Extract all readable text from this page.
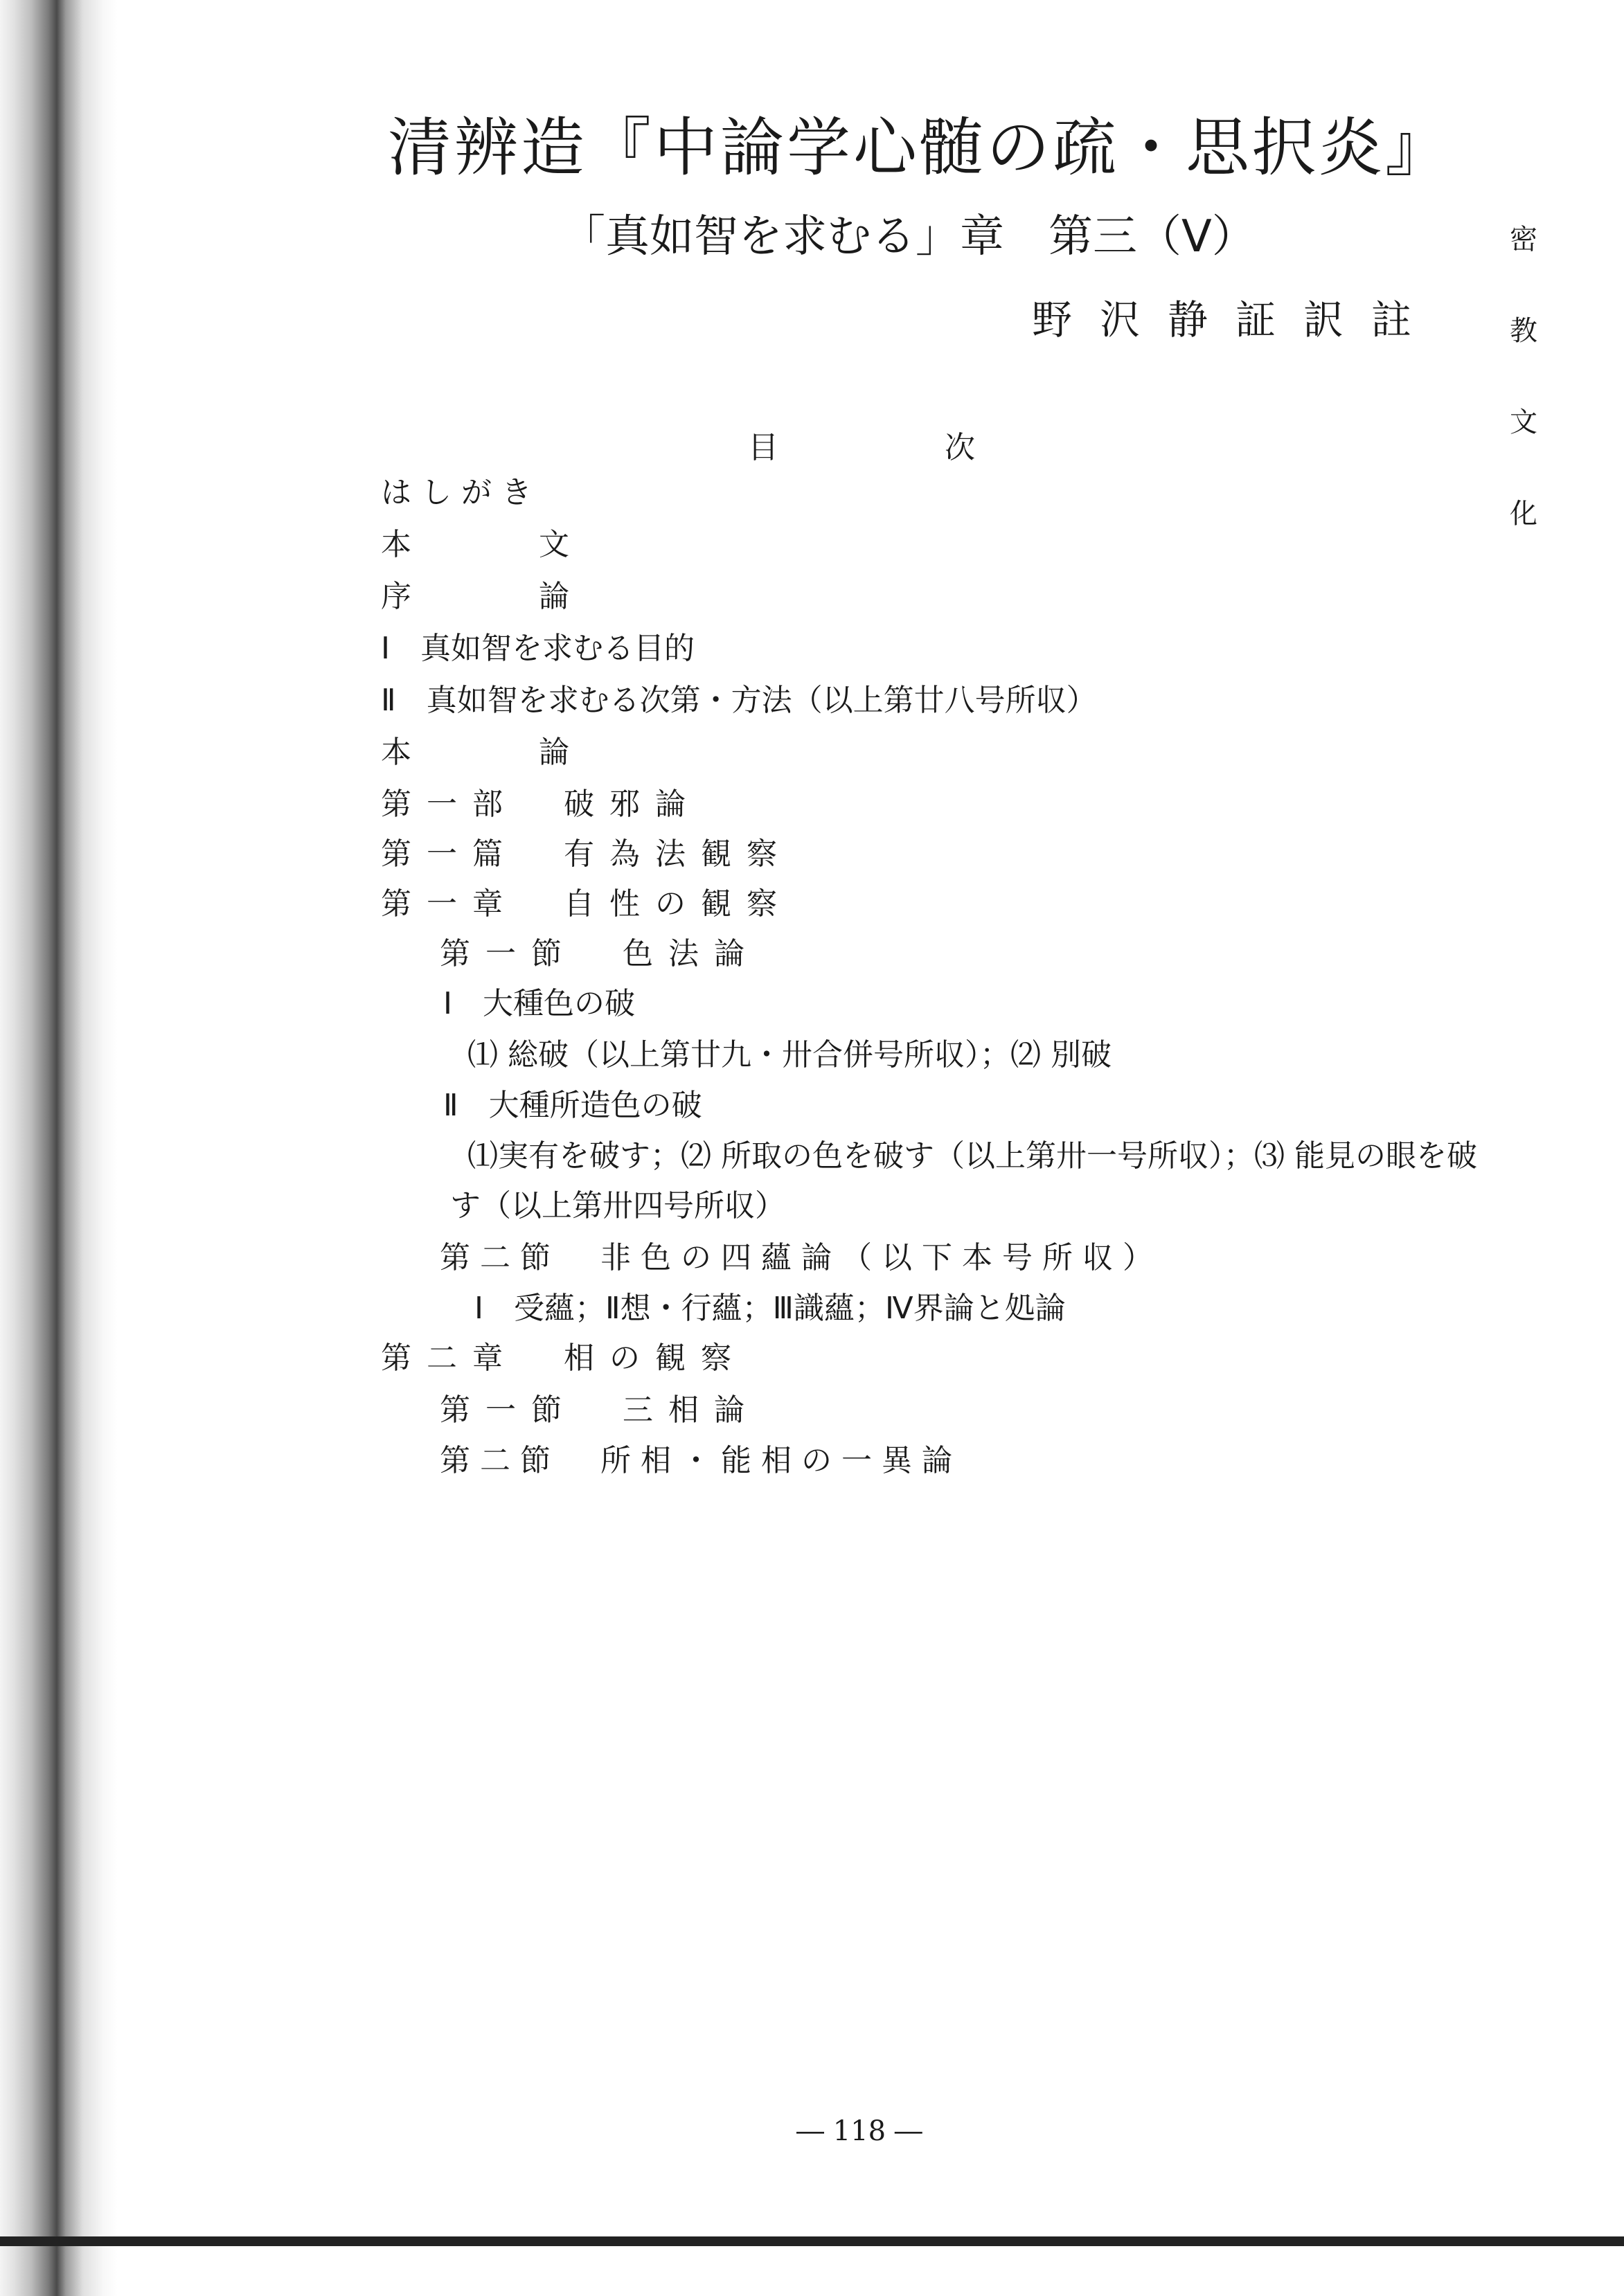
清辨造『中論学心髄の疏・思択炎』
「真如智を求むる」章　第三（V）
野沢静証訳註
密
教
文
化
目次
はしがき
本　文
序　論
Ⅰ　真如智を求むる目的
Ⅱ　真如智を求むる次第・方法（以上第廿八号所収）
本　論
第一部　破邪論
第一篇　有為法観察
第一章　自性の観察
第一節　色法論
Ⅰ　大種色の破
⑴ 総破（以上第廿九・卅合併号所収）；⑵ 別破
Ⅱ　大種所造色の破
⑴実有を破す；⑵ 所取の色を破す（以上第卅一号所収）；⑶ 能見の眼を破
す（以上第卅四号所収）
第二節　非色の四蘊論（以下本号所収）
Ⅰ　受蘊；Ⅱ想・行蘊；Ⅲ識蘊；Ⅳ界論と処論
第二章　相の観察
第一節　三相論
第二節　所相・能相の一異論
― 118 ―
